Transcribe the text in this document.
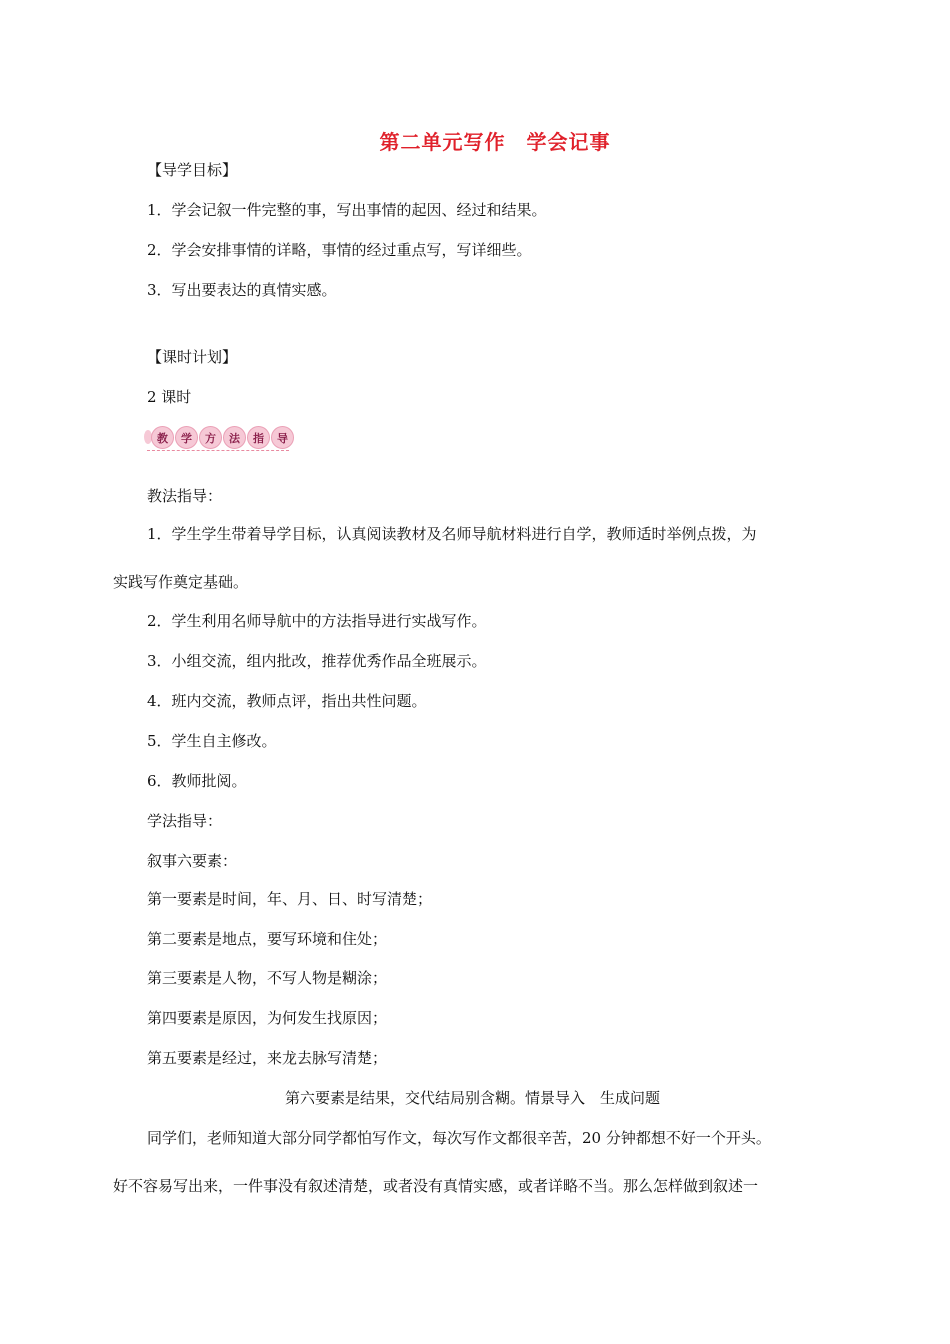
第二单元写作　学会记事
【导学目标】
1．学会记叙一件完整的事，写出事情的起因、经过和结果。
2．学会安排事情的详略，事情的经过重点写，写详细些。
3．写出要表达的真情实感。
【课时计划】
2 课时
教	学	方	法	指	导
教法指导：
1．学生学生带着导学目标，认真阅读教材及名师导航材料进行自学，教师适时举例点拨，为
实践写作奠定基础。
2．学生利用名师导航中的方法指导进行实战写作。
3．小组交流，组内批改，推荐优秀作品全班展示。
4．班内交流，教师点评，指出共性问题。
5．学生自主修改。
6．教师批阅。
学法指导：
叙事六要素：
第一要素是时间，年、月、日、时写清楚；
第二要素是地点，要写环境和住处；
第三要素是人物，不写人物是糊涂；
第四要素是原因，为何发生找原因；
第五要素是经过，来龙去脉写清楚；
第六要素是结果，交代结局别含糊。情景导入　生成问题
同学们，老师知道大部分同学都怕写作文，每次写作文都很辛苦，20 分钟都想不好一个开头。
好不容易写出来，一件事没有叙述清楚，或者没有真情实感，或者详略不当。那么怎样做到叙述一
